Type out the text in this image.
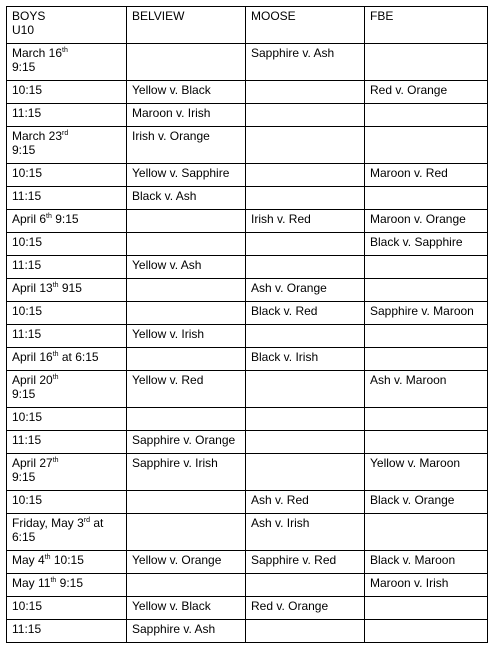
BOYS
U10	BELVIEW	MOOSE	FBE
March 16th
9:15		Sapphire v. Ash	
10:15	Yellow v. Black		Red v. Orange
11:15	Maroon v. Irish		
March 23rd
9:15	Irish v. Orange		
10:15	Yellow v. Sapphire		Maroon v. Red
11:15	Black v. Ash		
April 6th 9:15		Irish v. Red	Maroon v. Orange
10:15			Black v. Sapphire
11:15	Yellow v. Ash		
April 13th 915		Ash v. Orange	
10:15		Black v. Red	Sapphire v. Maroon
11:15	Yellow v. Irish		
April 16th at 6:15		Black v. Irish	
April 20th
9:15	Yellow v. Red		Ash v. Maroon
10:15			
11:15	Sapphire v. Orange		
April 27th
9:15	Sapphire v. Irish		Yellow v. Maroon
10:15		Ash v. Red	Black v. Orange
Friday, May 3rd at
6:15		Ash v. Irish	
May 4th 10:15	Yellow v. Orange	Sapphire v. Red	Black v. Maroon
May 11th 9:15			Maroon v. Irish
10:15	Yellow v. Black	Red v. Orange	
11:15	Sapphire v. Ash		
